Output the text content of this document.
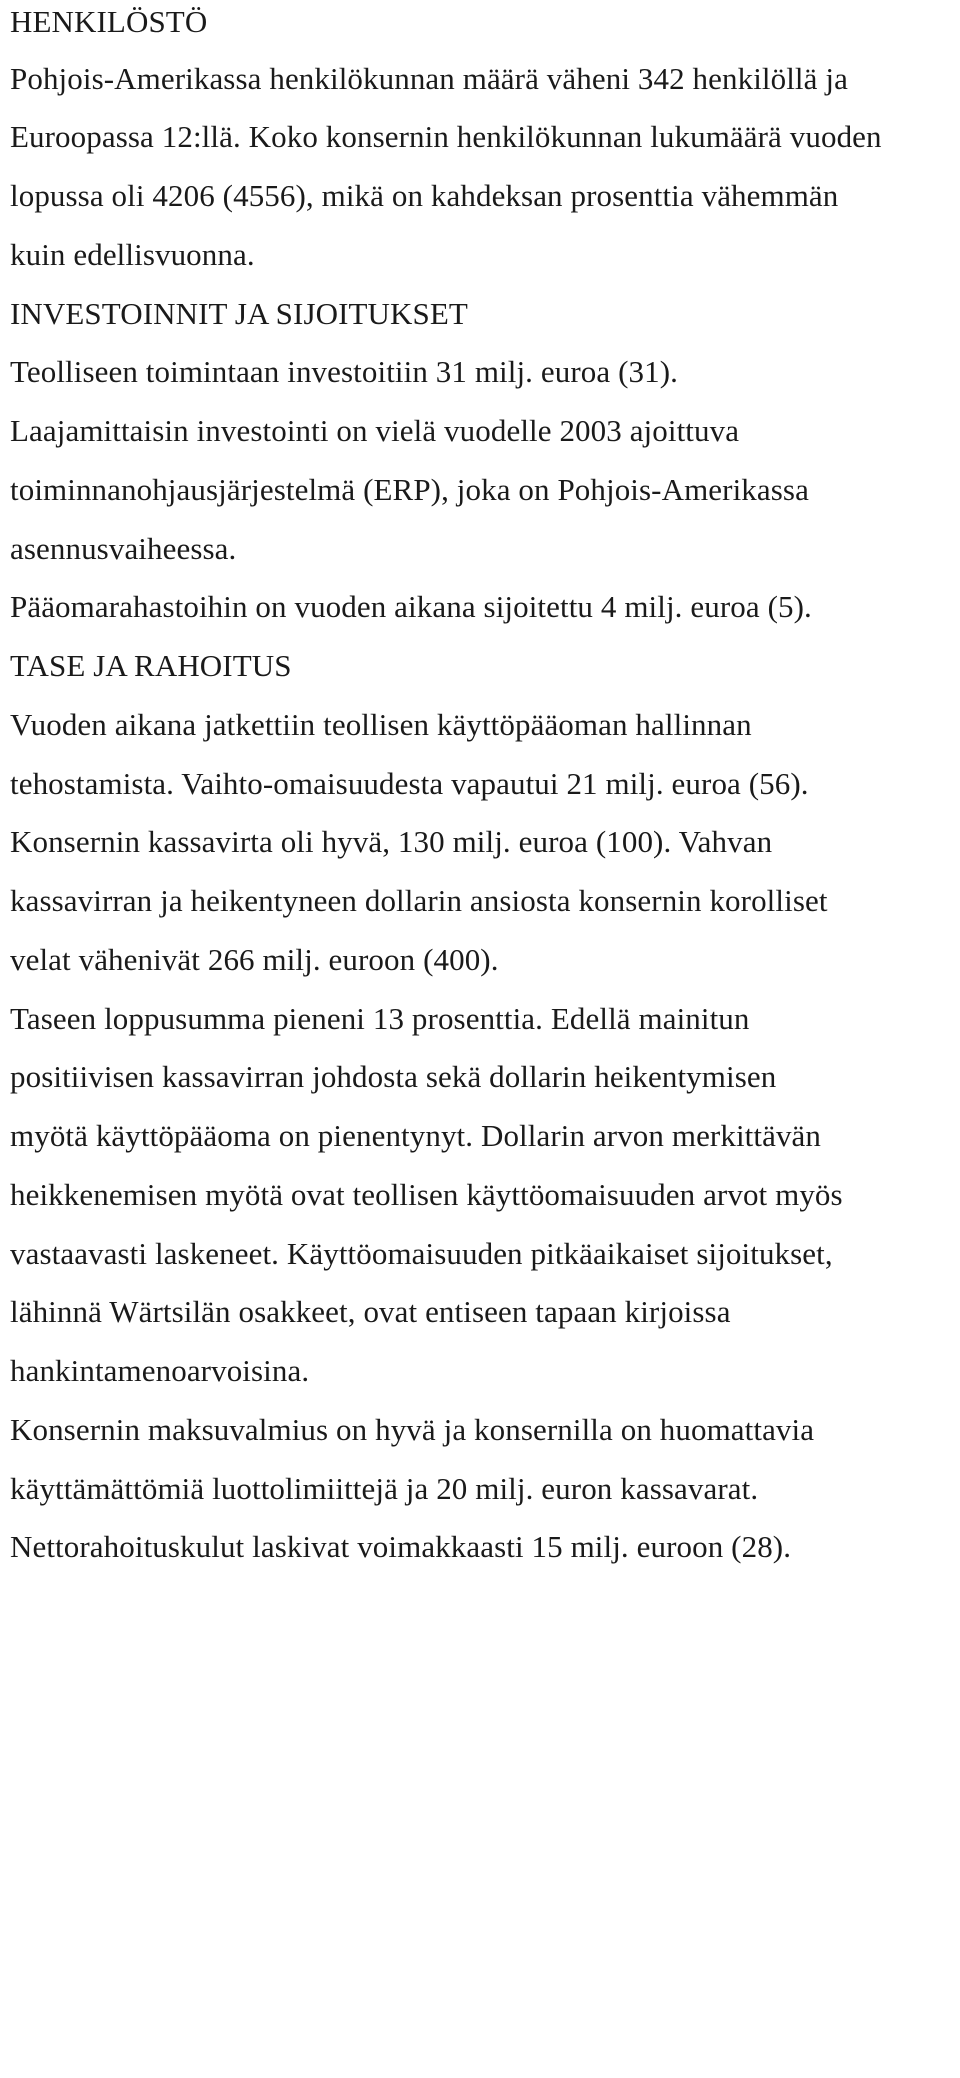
HENKILÖSTÖ
Pohjois-Amerikassa henkilökunnan määrä väheni 342 henkilöllä ja
Euroopassa 12:llä. Koko konsernin henkilökunnan lukumäärä vuoden
lopussa oli 4206 (4556), mikä on kahdeksan prosenttia vähemmän
kuin edellisvuonna.
INVESTOINNIT JA SIJOITUKSET
Teolliseen toimintaan investoitiin 31 milj. euroa (31).
Laajamittaisin investointi on vielä vuodelle 2003 ajoittuva
toiminnanohjausjärjestelmä (ERP), joka on Pohjois-Amerikassa
asennusvaiheessa.
Pääomarahastoihin on vuoden aikana sijoitettu 4 milj. euroa (5).
TASE JA RAHOITUS
Vuoden aikana jatkettiin teollisen käyttöpääoman hallinnan
tehostamista. Vaihto-omaisuudesta vapautui 21 milj. euroa (56).
Konsernin kassavirta oli hyvä, 130 milj. euroa (100). Vahvan
kassavirran ja heikentyneen dollarin ansiosta konsernin korolliset
velat vähenivät 266 milj. euroon (400).
Taseen loppusumma pieneni 13 prosenttia. Edellä mainitun
positiivisen kassavirran johdosta sekä dollarin heikentymisen
myötä käyttöpääoma on pienentynyt. Dollarin arvon merkittävän
heikkenemisen myötä ovat teollisen käyttöomaisuuden arvot myös
vastaavasti laskeneet. Käyttöomaisuuden pitkäaikaiset sijoitukset,
lähinnä Wärtsilän osakkeet, ovat entiseen tapaan kirjoissa
hankintamenoarvoisina.
Konsernin maksuvalmius on hyvä ja konsernilla on huomattavia
käyttämättömiä luottolimiittejä ja 20 milj. euron kassavarat.
Nettorahoituskulut laskivat voimakkaasti 15 milj. euroon (28).
